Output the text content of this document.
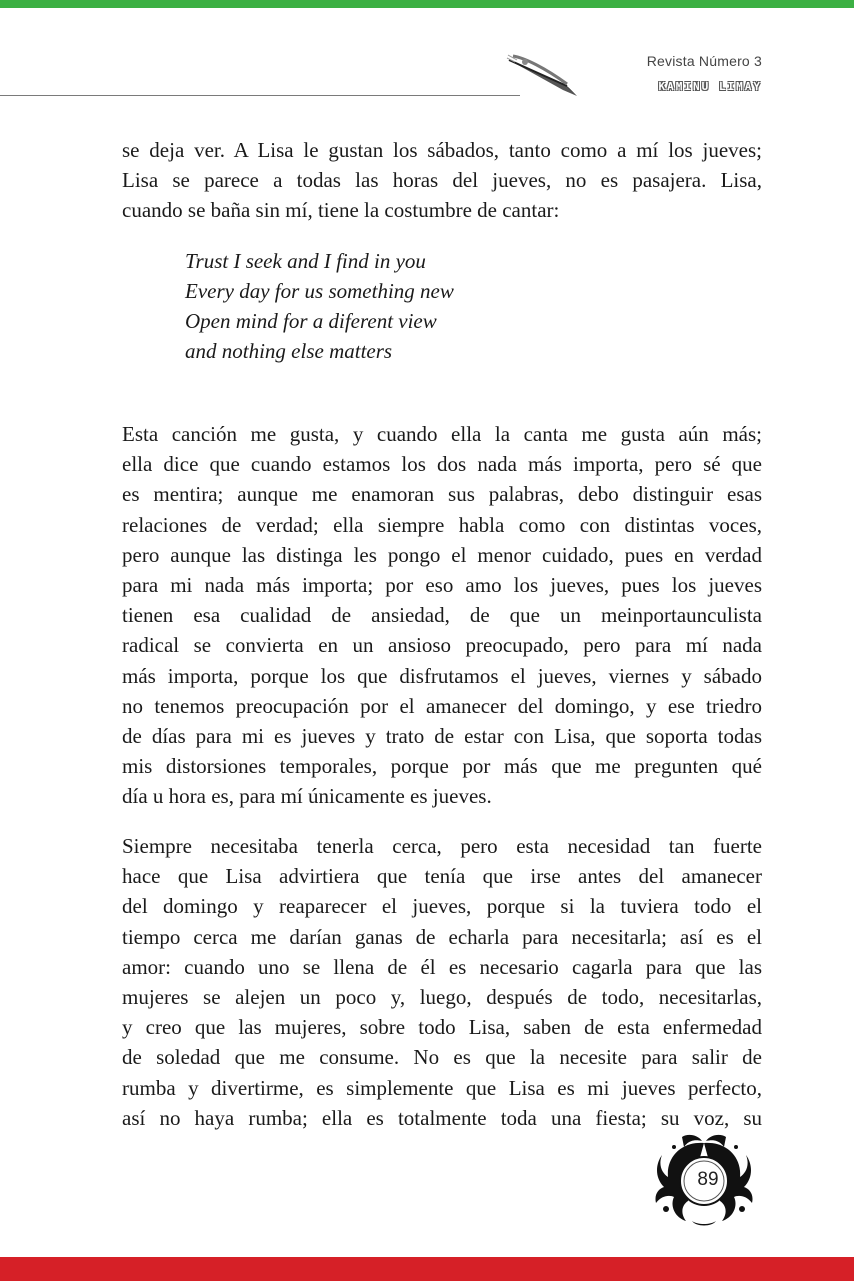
Revista Número 3
KAMINU LIMAY
se deja ver. A Lisa le gustan los sábados, tanto como a mí los jueves;
Lisa se parece a todas las horas del jueves, no es pasajera. Lisa,
cuando se baña sin mí, tiene la costumbre de cantar:
Trust I seek and I find in you
Every day for us something new
Open mind for a diferent view
and nothing else matters
Esta canción me gusta, y cuando ella la canta me gusta aún más;
ella dice que cuando estamos los dos nada más importa, pero sé que
es mentira; aunque me enamoran sus palabras, debo distinguir esas
relaciones de verdad; ella siempre habla como con distintas voces,
pero aunque las distinga les pongo el menor cuidado, pues en verdad
para mi nada más importa; por eso amo los jueves, pues los jueves
tienen esa cualidad de ansiedad, de que un meinportaunculista
radical se convierta en un ansioso preocupado, pero para mí nada
más importa, porque los que disfrutamos el jueves, viernes y sábado
no tenemos preocupación por el amanecer del domingo, y ese triedro
de días para mi es jueves y trato de estar con Lisa, que soporta todas
mis distorsiones temporales, porque por más que me pregunten qué
día u hora es, para mí únicamente es jueves.
Siempre necesitaba tenerla cerca, pero esta necesidad tan fuerte
hace que Lisa advirtiera que tenía que irse antes del amanecer
del domingo y reaparecer el jueves, porque si la tuviera todo el
tiempo cerca me darían ganas de echarla para necesitarla; así es el
amor: cuando uno se llena de él es necesario cagarla para que las
mujeres se alejen un poco y, luego, después de todo, necesitarlas,
y creo que las mujeres, sobre todo Lisa, saben de esta enfermedad
de soledad que me consume. No es que la necesite para salir de
rumba y divertirme, es simplemente que Lisa es mi jueves perfecto,
así no haya rumba; ella es totalmente toda una fiesta; su voz, su
89
